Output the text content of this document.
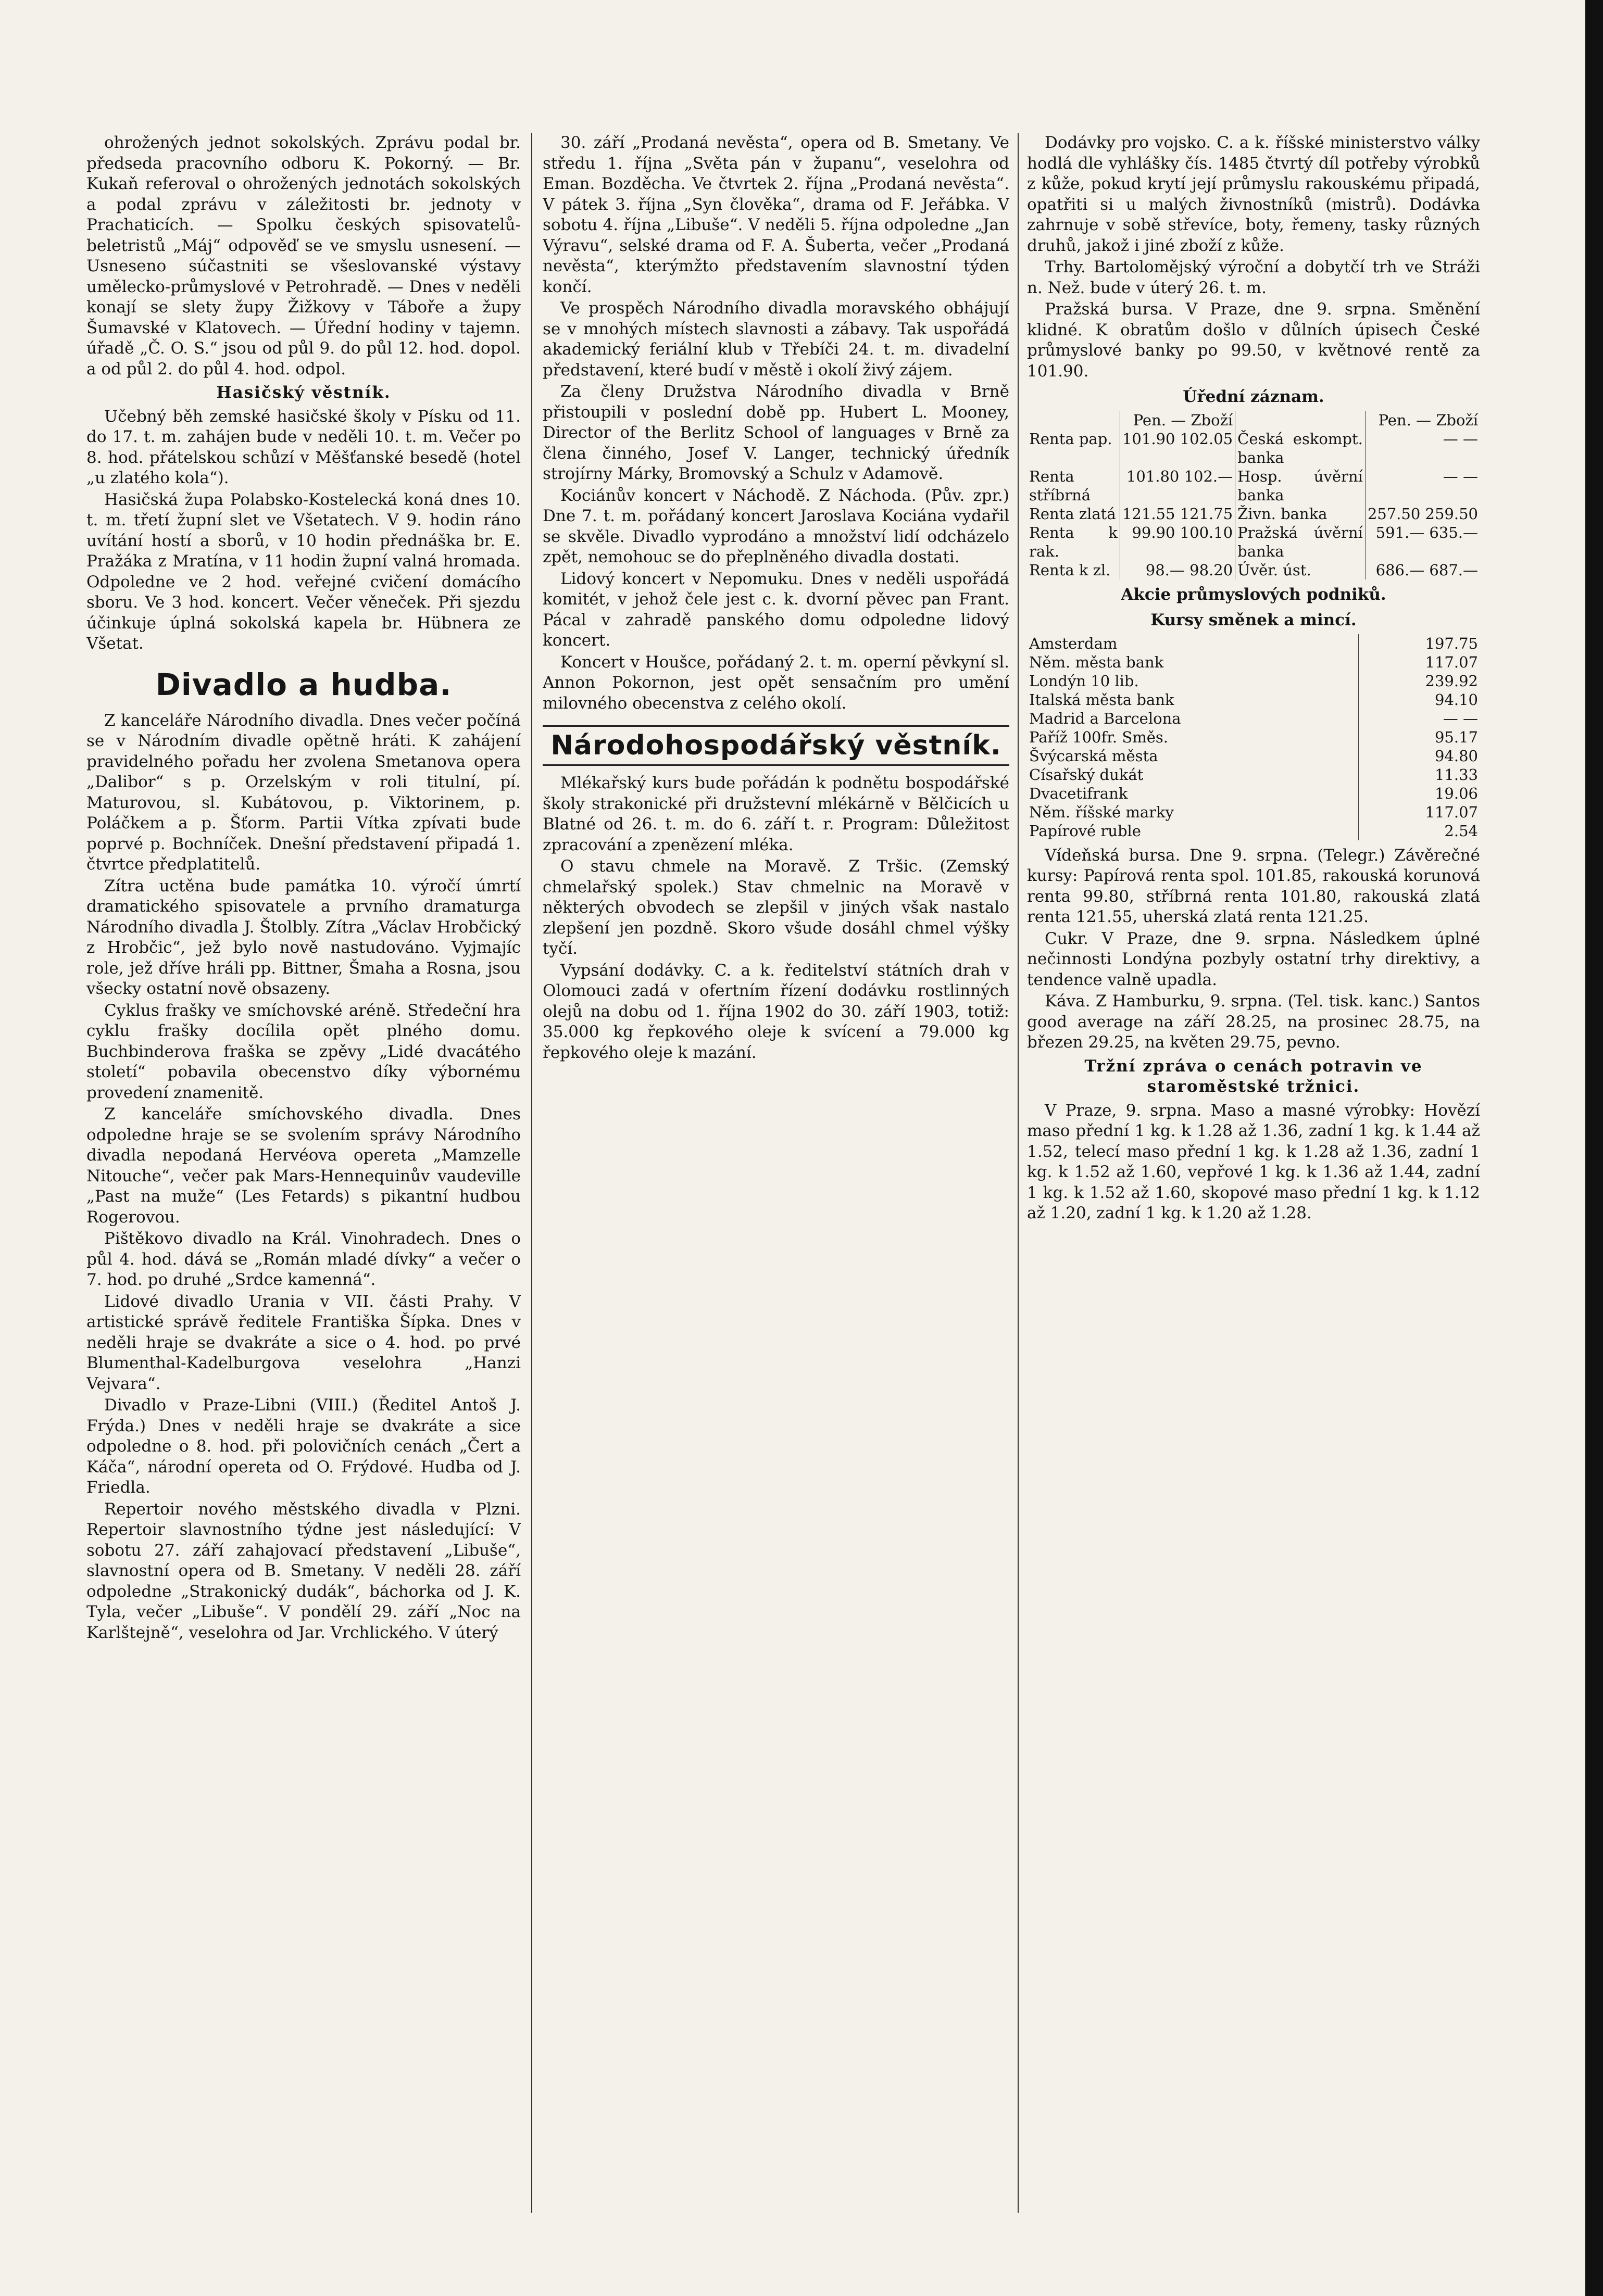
ohrožených jednot sokolských. Zprávu podal br. předseda pracovního odboru K. Pokorný. — Br. Kukaň referoval o ohrožených jednotách sokolských a podal zprávu v záležitosti br. jednoty v Prachaticích. — Spolku českých spisovatelů-beletristů „Máj“ odpověď se ve smyslu usnesení. — Usneseno súčastniti se všeslovanské výstavy umělecko-průmyslové v Petrohradě. — Dnes v neděli konají se slety župy Žižkovy v Táboře a župy Šumavské v Klatovech. — Úřední hodiny v tajemn. úřadě „Č. O. S.“ jsou od půl 9. do půl 12. hod. dopol. a od půl 2. do půl 4. hod. odpol.

Hasičský věstník.

Učebný běh zemské hasičské školy v Písku od 11. do 17. t. m. zahájen bude v neděli 10. t. m. Večer po 8. hod. přátelskou schůzí v Měšťanské besedě (hotel „u zlatého kola“).

Hasičská župa Polabsko-Kostelecká koná dnes 10. t. m. třetí župní slet ve Všetatech. V 9. hodin ráno uvítání hostí a sborů, v 10 hodin přednáška br. E. Pražáka z Mratína, v 11 hodin župní valná hromada. Odpoledne ve 2 hod. veřejné cvičení domácího sboru. Ve 3 hod. koncert. Večer věneček. Při sjezdu účinkuje úplná sokolská kapela br. Hübnera ze Všetat.

Divadlo a hudba.

Z kanceláře Národního divadla. Dnes večer počíná se v Národním divadle opětně hráti. K zahájení pravidelného pořadu her zvolena Smetanova opera „Dalibor“ s p. Orzelským v roli titulní, pí. Maturovou, sl. Kubátovou, p. Viktorinem, p. Poláčkem a p. Šťorm. Partii Vítka zpívati bude poprvé p. Bochníček. Dnešní představení připadá 1. čtvrtce předplatitelů.

Zítra uctěna bude památka 10. výročí úmrtí dramatického spisovatele a prvního dramaturga Národního divadla J. Štolbly. Zítra „Václav Hrobčický z Hrobčic“, jež bylo nově nastudováno. Vyjmajíc role, jež dříve hráli pp. Bittner, Šmaha a Rosna, jsou všecky ostatní nově obsazeny.

Cyklus frašky ve smíchovské aréně. Středeční hra cyklu frašky docílila opět plného domu. Buchbinderova fraška se zpěvy „Lidé dvacátého století“ pobavila obecenstvo díky výbornému provedení znamenitě.

Z kanceláře smíchovského divadla. Dnes odpoledne hraje se se svolením správy Národního divadla nepodaná Hervéova opereta „Mamzelle Nitouche“, večer pak Mars-Hennequinův vaudeville „Past na muže“ (Les Fetards) s pikantní hudbou Rogerovou.

Pištěkovo divadlo na Král. Vinohradech. Dnes o půl 4. hod. dává se „Román mladé dívky“ a večer o 7. hod. po druhé „Srdce kamenná“.

Lidové divadlo Urania v VII. části Prahy. V artistické správě ředitele Františka Šípka. Dnes v neděli hraje se dvakráte a sice o 4. hod. po prvé Blumenthal-Kadelburgova veselohra „Hanzi Vejvara“.

Divadlo v Praze-Libni (VIII.) (Ředitel Antoš J. Frýda.) Dnes v neděli hraje se dvakráte a sice odpoledne o 8. hod. při polovičních cenách „Čert a Káča“, národní opereta od O. Frýdové. Hudba od J. Friedla.

Repertoir nového městského divadla v Plzni. Repertoir slavnostního týdne jest následující: V sobotu 27. září zahajovací představení „Libuše“, slavnostní opera od B. Smetany. V neděli 28. září odpoledne „Strakonický dudák“, báchorka od J. K. Tyla, večer „Libuše“. V pondělí 29. září „Noc na Karlštejně“, veselohra od Jar. Vrchlického. V úterý

30. září „Prodaná nevěsta“, opera od B. Smetany. Ve středu 1. října „Světa pán v županu“, veselohra od Eman. Bozděcha. Ve čtvrtek 2. října „Prodaná nevěsta“. V pátek 3. října „Syn člověka“, drama od F. Jeřábka. V sobotu 4. října „Libuše“. V neděli 5. října odpoledne „Jan Výravu“, selské drama od F. A. Šuberta, večer „Prodaná nevěsta“, kterýmžto představením slavnostní týden končí.

Ve prospěch Národního divadla moravského obhájují se v mnohých místech slavnosti a zábavy. Tak uspořádá akademický feriální klub v Třebíči 24. t. m. divadelní představení, které budí v městě i okolí živý zájem.

Za členy Družstva Národního divadla v Brně přistoupili v poslední době pp. Hubert L. Mooney, Director of the Berlitz School of languages v Brně za člena činného, Josef V. Langer, technický úředník strojírny Márky, Bromovský a Schulz v Adamově.

Kociánův koncert v Náchodě. Z Náchoda. (Pův. zpr.) Dne 7. t. m. pořádaný koncert Jaroslava Kociána vydařil se skvěle. Divadlo vyprodáno a množství lidí odcházelo zpět, nemohouc se do přeplněného divadla dostati.

Lidový koncert v Nepomuku. Dnes v neděli uspořádá komitét, v jehož čele jest c. k. dvorní pěvec pan Frant. Pácal v zahradě panského domu odpoledne lidový koncert.

Koncert v Houšce, pořádaný 2. t. m. operní pěvkyní sl. Annon Pokornon, jest opět sensačním pro umění milovného obecenstva z celého okolí.

Národohospodářský věstník.

Mlékařský kurs bude pořádán k podnětu bospodářské školy strakonické při družstevní mlékárně v Bělčicích u Blatné od 26. t. m. do 6. září t. r. Program: Důležitost zpracování a zpenězení mléka.

O stavu chmele na Moravě. Z Tršic. (Zemský chmelařský spolek.) Stav chmelnic na Moravě v některých obvodech se zlepšil v jiných však nastalo zlepšení jen pozdně. Skoro všude dosáhl chmel výšky tyčí.

Vypsání dodávky. C. a k. ředitelství státních drah v Olomouci zadá v ofertním řízení dodávku rostlinných olejů na dobu od 1. října 1902 do 30. září 1903, totiž: 35.000 kg řepkového oleje k svícení a 79.000 kg řepkového oleje k mazání.

Dodávky pro vojsko. C. a k. říšské ministerstvo války hodlá dle vyhlášky čís. 1485 čtvrtý díl potřeby výrobků z kůže, pokud krytí její průmyslu rakouskému připadá, opatřiti si u malých živnostníků (mistrů). Dodávka zahrnuje v sobě střevíce, boty, řemeny, tasky různých druhů, jakož i jiné zboží z kůže.

Trhy. Bartolomějský výroční a dobytčí trh ve Stráži n. Než. bude v úterý 26. t. m.

Pražská bursa. V Praze, dne 9. srpna. Směnění klidné. K obratům došlo v důlních úpisech České průmyslové banky po 99.50, v květnové rentě za 101.90.

Úřední záznam.
	Pen. — Zboží		Pen. — Zboží
Renta pap.	101.90 102.05	Česká eskompt. banka	— —
Renta stříbrná	101.80 102.—	Hosp. úvěrní banka	— —
Renta zlatá	121.55 121.75	Živn. banka	257.50 259.50
Renta k rak.	99.90 100.10	Pražská úvěrní banka	591.— 635.—
Renta k zl.	98.— 98.20	Úvěr. úst.	686.— 687.—
Akcie průmyslových podniků.
Kursy směnek a mincí.
Amsterdam	197.75
Něm. města bank	117.07
Londýn 10 lib.	239.92
Italská města bank	94.10
Madrid a Barcelona	— —
Paříž 100fr. Směs.	95.17
Švýcarská města	94.80
Císařský dukát	11.33
Dvacetifrank	19.06
Něm. říšské marky	117.07
Papírové ruble	2.54

Vídeňská bursa. Dne 9. srpna. (Telegr.) Závěrečné kursy: Papírová renta spol. 101.85, rakouská korunová renta 99.80, stříbrná renta 101.80, rakouská zlatá renta 121.55, uherská zlatá renta 121.25.

Cukr. V Praze, dne 9. srpna. Následkem úplné nečinnosti Londýna pozbyly ostatní trhy direktivy, a tendence valně upadla.

Káva. Z Hamburku, 9. srpna. (Tel. tisk. kanc.) Santos good average na září 28.25, na prosinec 28.75, na březen 29.25, na květen 29.75, pevno.

Tržní zpráva o cenách potravin ve staroměstské tržnici.

V Praze, 9. srpna. Maso a masné výrobky: Hovězí maso přední 1 kg. k 1.28 až 1.36, zadní 1 kg. k 1.44 až 1.52, telecí maso přední 1 kg. k 1.28 až 1.36, zadní 1 kg. k 1.52 až 1.60, vepřové 1 kg. k 1.36 až 1.44, zadní 1 kg. k 1.52 až 1.60, skopové maso přední 1 kg. k 1.12 až 1.20, zadní 1 kg. k 1.20 až 1.28.
